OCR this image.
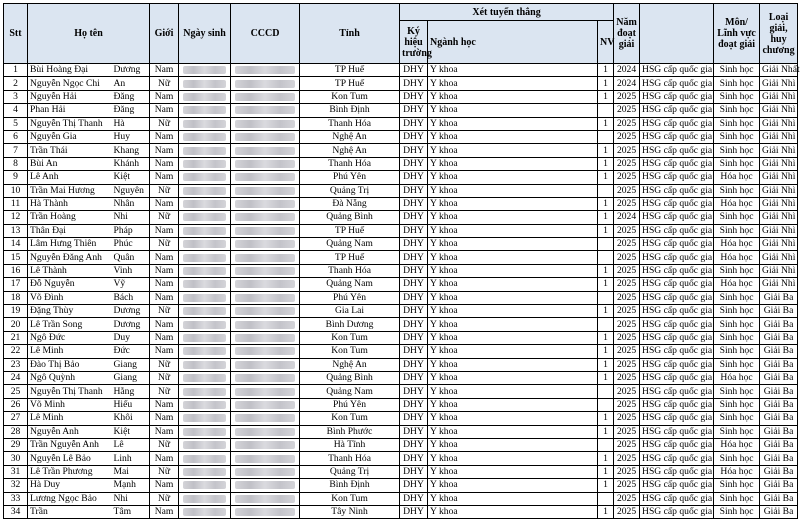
Stt	Họ tên		Giới	Ngày sinh	CCCD	Tỉnh	Xét tuyển thẳng			Năm đoạt giải		Môn/ Lĩnh vực đoạt giải	Loại giải, huy chương
							Ký hiệu trường	Ngành học	NV				
1	Bùi Hoàng Đại	Dương	Nam			TP Huế	DHY	Y khoa	1	2024	HSG cấp quốc gia	Sinh học	Giải Nhất
2	Nguyễn Ngọc Chi	An	Nữ			TP Huế	DHY	Y khoa	1	2024	HSG cấp quốc gia	Sinh học	Giải Nhì
3	Nguyễn Hải	Đăng	Nam			Kon Tum	DHY	Y khoa	1	2025	HSG cấp quốc gia	Sinh học	Giải Nhì
4	Phan Hải	Đăng	Nam			Bình Định	DHY	Y khoa		2025	HSG cấp quốc gia	Sinh học	Giải Nhì
5	Nguyễn Thị Thanh	Hà	Nữ			Thanh Hóa	DHY	Y khoa	1	2025	HSG cấp quốc gia	Sinh học	Giải Nhì
6	Nguyễn Gia	Huy	Nam			Nghệ An	DHY	Y khoa		2025	HSG cấp quốc gia	Sinh học	Giải Nhì
7	Trần Thái	Khang	Nam			Nghệ An	DHY	Y khoa	1	2025	HSG cấp quốc gia	Sinh học	Giải Nhì
8	Bùi An	Khánh	Nam			Thanh Hóa	DHY	Y khoa	1	2025	HSG cấp quốc gia	Sinh học	Giải Nhì
9	Lê Anh	Kiệt	Nam			Phú Yên	DHY	Y khoa	1	2025	HSG cấp quốc gia	Hóa học	Giải Nhì
10	Trần Mai Hương	Nguyên	Nữ			Quảng Trị	DHY	Y khoa		2025	HSG cấp quốc gia	Sinh học	Giải Nhì
11	Hà Thành	Nhân	Nam			Đà Nẵng	DHY	Y khoa	1	2025	HSG cấp quốc gia	Hóa học	Giải Nhì
12	Trần Hoàng	Nhi	Nữ			Quảng Bình	DHY	Y khoa	1	2024	HSG cấp quốc gia	Sinh học	Giải Nhì
13	Thân Đại	Pháp	Nam			TP Huế	DHY	Y khoa	1	2025	HSG cấp quốc gia	Sinh học	Giải Nhì
14	Lâm Hưng Thiên	Phúc	Nữ			Quảng Nam	DHY	Y khoa		2025	HSG cấp quốc gia	Hóa học	Giải Nhì
15	Nguyễn Đăng Anh	Quân	Nam			TP Huế	DHY	Y khoa		2025	HSG cấp quốc gia	Hóa học	Giải Nhì
16	Lê Thành	Vinh	Nam			Thanh Hóa	DHY	Y khoa	1	2025	HSG cấp quốc gia	Sinh học	Giải Nhì
17	Đỗ Nguyễn	Vỹ	Nam			Quảng Nam	DHY	Y khoa	1	2025	HSG cấp quốc gia	Hóa học	Giải Nhì
18	Võ Đình	Bách	Nam			Phú Yên	DHY	Y khoa		2025	HSG cấp quốc gia	Sinh học	Giải Ba
19	Đặng Thùy	Dương	Nữ			Gia Lai	DHY	Y khoa	1	2025	HSG cấp quốc gia	Sinh học	Giải Ba
20	Lê Trần Song	Dương	Nam			Bình Dương	DHY	Y khoa		2025	HSG cấp quốc gia	Sinh học	Giải Ba
21	Ngô Đức	Duy	Nam			Kon Tum	DHY	Y khoa	1	2025	HSG cấp quốc gia	Sinh học	Giải Ba
22	Lê Minh	Đức	Nam			Kon Tum	DHY	Y khoa	1	2025	HSG cấp quốc gia	Sinh học	Giải Ba
23	Đào Thị Bảo	Giang	Nữ			Nghệ An	DHY	Y khoa	1	2025	HSG cấp quốc gia	Sinh học	Giải Ba
24	Ngô Quỳnh	Giang	Nữ			Quảng Bình	DHY	Y khoa	1	2025	HSG cấp quốc gia	Hóa học	Giải Ba
25	Nguyễn Thị Thanh	Hằng	Nữ			Quảng Nam	DHY	Y khoa		2025	HSG cấp quốc gia	Sinh học	Giải Ba
26	Võ Minh	Hiếu	Nam			Phú Yên	DHY	Y khoa		2025	HSG cấp quốc gia	Sinh học	Giải Ba
27	Lê Minh	Khôi	Nam			Kon Tum	DHY	Y khoa	1	2025	HSG cấp quốc gia	Sinh học	Giải Ba
28	Nguyễn Anh	Kiệt	Nam			Bình Phước	DHY	Y khoa	1	2025	HSG cấp quốc gia	Sinh học	Giải Ba
29	Trần Nguyễn Anh	Lê	Nữ			Hà Tĩnh	DHY	Y khoa		2025	HSG cấp quốc gia	Hóa học	Giải Ba
30	Nguyễn Lê Bảo	Linh	Nam			Thanh Hóa	DHY	Y khoa	1	2025	HSG cấp quốc gia	Sinh học	Giải Ba
31	Lê Trần Phương	Mai	Nữ			Quảng Trị	DHY	Y khoa	1	2025	HSG cấp quốc gia	Hóa học	Giải Ba
32	Hà Duy	Mạnh	Nam			Bình Định	DHY	Y khoa	1	2025	HSG cấp quốc gia	Sinh học	Giải Ba
33	Lương Ngọc Bảo	Nhi	Nữ			Kon Tum	DHY	Y khoa		2025	HSG cấp quốc gia	Sinh học	Giải Ba
34	Trần	Tâm	Nam			Tây Ninh	DHY	Y khoa	1	2025	HSG cấp quốc gia	Sinh học	Giải Ba
